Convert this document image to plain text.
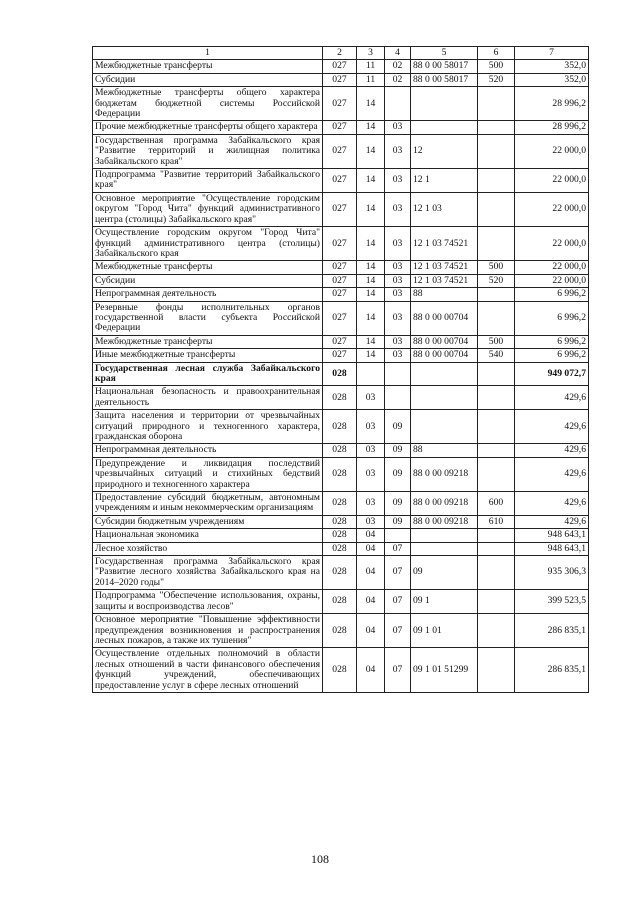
1	2	3	4	5	6	7
Межбюджетные трансферты	027	11	02	88 0 00 58017	500	352,0
Субсидии	027	11	02	88 0 00 58017	520	352,0
Межбюджетные трансферты общего характера бюджетам бюджетной системы Российской Федерации	027	14				28 996,2
Прочие межбюджетные трансферты общего характера	027	14	03			28 996,2
Государственная программа Забайкальского края "Развитие территорий и жилищная политика Забайкальского края"	027	14	03	12		22 000,0
Подпрограмма "Развитие территорий Забайкальского края"	027	14	03	12 1		22 000,0
Основное мероприятие "Осуществление городским округом "Город Чита" функций административного центра (столицы) Забайкальского края"	027	14	03	12 1 03		22 000,0
Осуществление городским округом "Город Чита" функций административного центра (столицы) Забайкальского края	027	14	03	12 1 03 74521		22 000,0
Межбюджетные трансферты	027	14	03	12 1 03 74521	500	22 000,0
Субсидии	027	14	03	12 1 03 74521	520	22 000,0
Непрограммная деятельность	027	14	03	88		6 996,2
Резервные фонды исполнительных органов государственной власти субъекта Российской Федерации	027	14	03	88 0 00 00704		6 996,2
Межбюджетные трансферты	027	14	03	88 0 00 00704	500	6 996,2
Иные межбюджетные трансферты	027	14	03	88 0 00 00704	540	6 996,2
Государственная лесная служба Забайкальского края	028					949 072,7
Национальная безопасность и правоохранительная деятельность	028	03				429,6
Защита населения и территории от чрезвычайных ситуаций природного и техногенного характера, гражданская оборона	028	03	09			429,6
Непрограммная деятельность	028	03	09	88		429,6
Предупреждение и ликвидация последствий чрезвычайных ситуаций и стихийных бедствий природного и техногенного характера	028	03	09	88 0 00 09218		429,6
Предоставление субсидий бюджетным, автономным учреждениям и иным некоммерческим организациям	028	03	09	88 0 00 09218	600	429,6
Субсидии бюджетным учреждениям	028	03	09	88 0 00 09218	610	429,6
Национальная экономика	028	04				948 643,1
Лесное хозяйство	028	04	07			948 643,1
Государственная программа Забайкальского края "Развитие лесного хозяйства Забайкальского края на 2014–2020 годы"	028	04	07	09		935 306,3
Подпрограмма "Обеспечение использования, охраны, защиты и воспроизводства лесов"	028	04	07	09 1		399 523,5
Основное мероприятие "Повышение эффективности предупреждения возникновения и распространения лесных пожаров, а также их тушения"	028	04	07	09 1 01		286 835,1
Осуществление отдельных полномочий в области лесных отношений в части финансового обеспечения функций учреждений, обеспечивающих предоставление услуг в сфере лесных отношений	028	04	07	09 1 01 51299		286 835,1
108
